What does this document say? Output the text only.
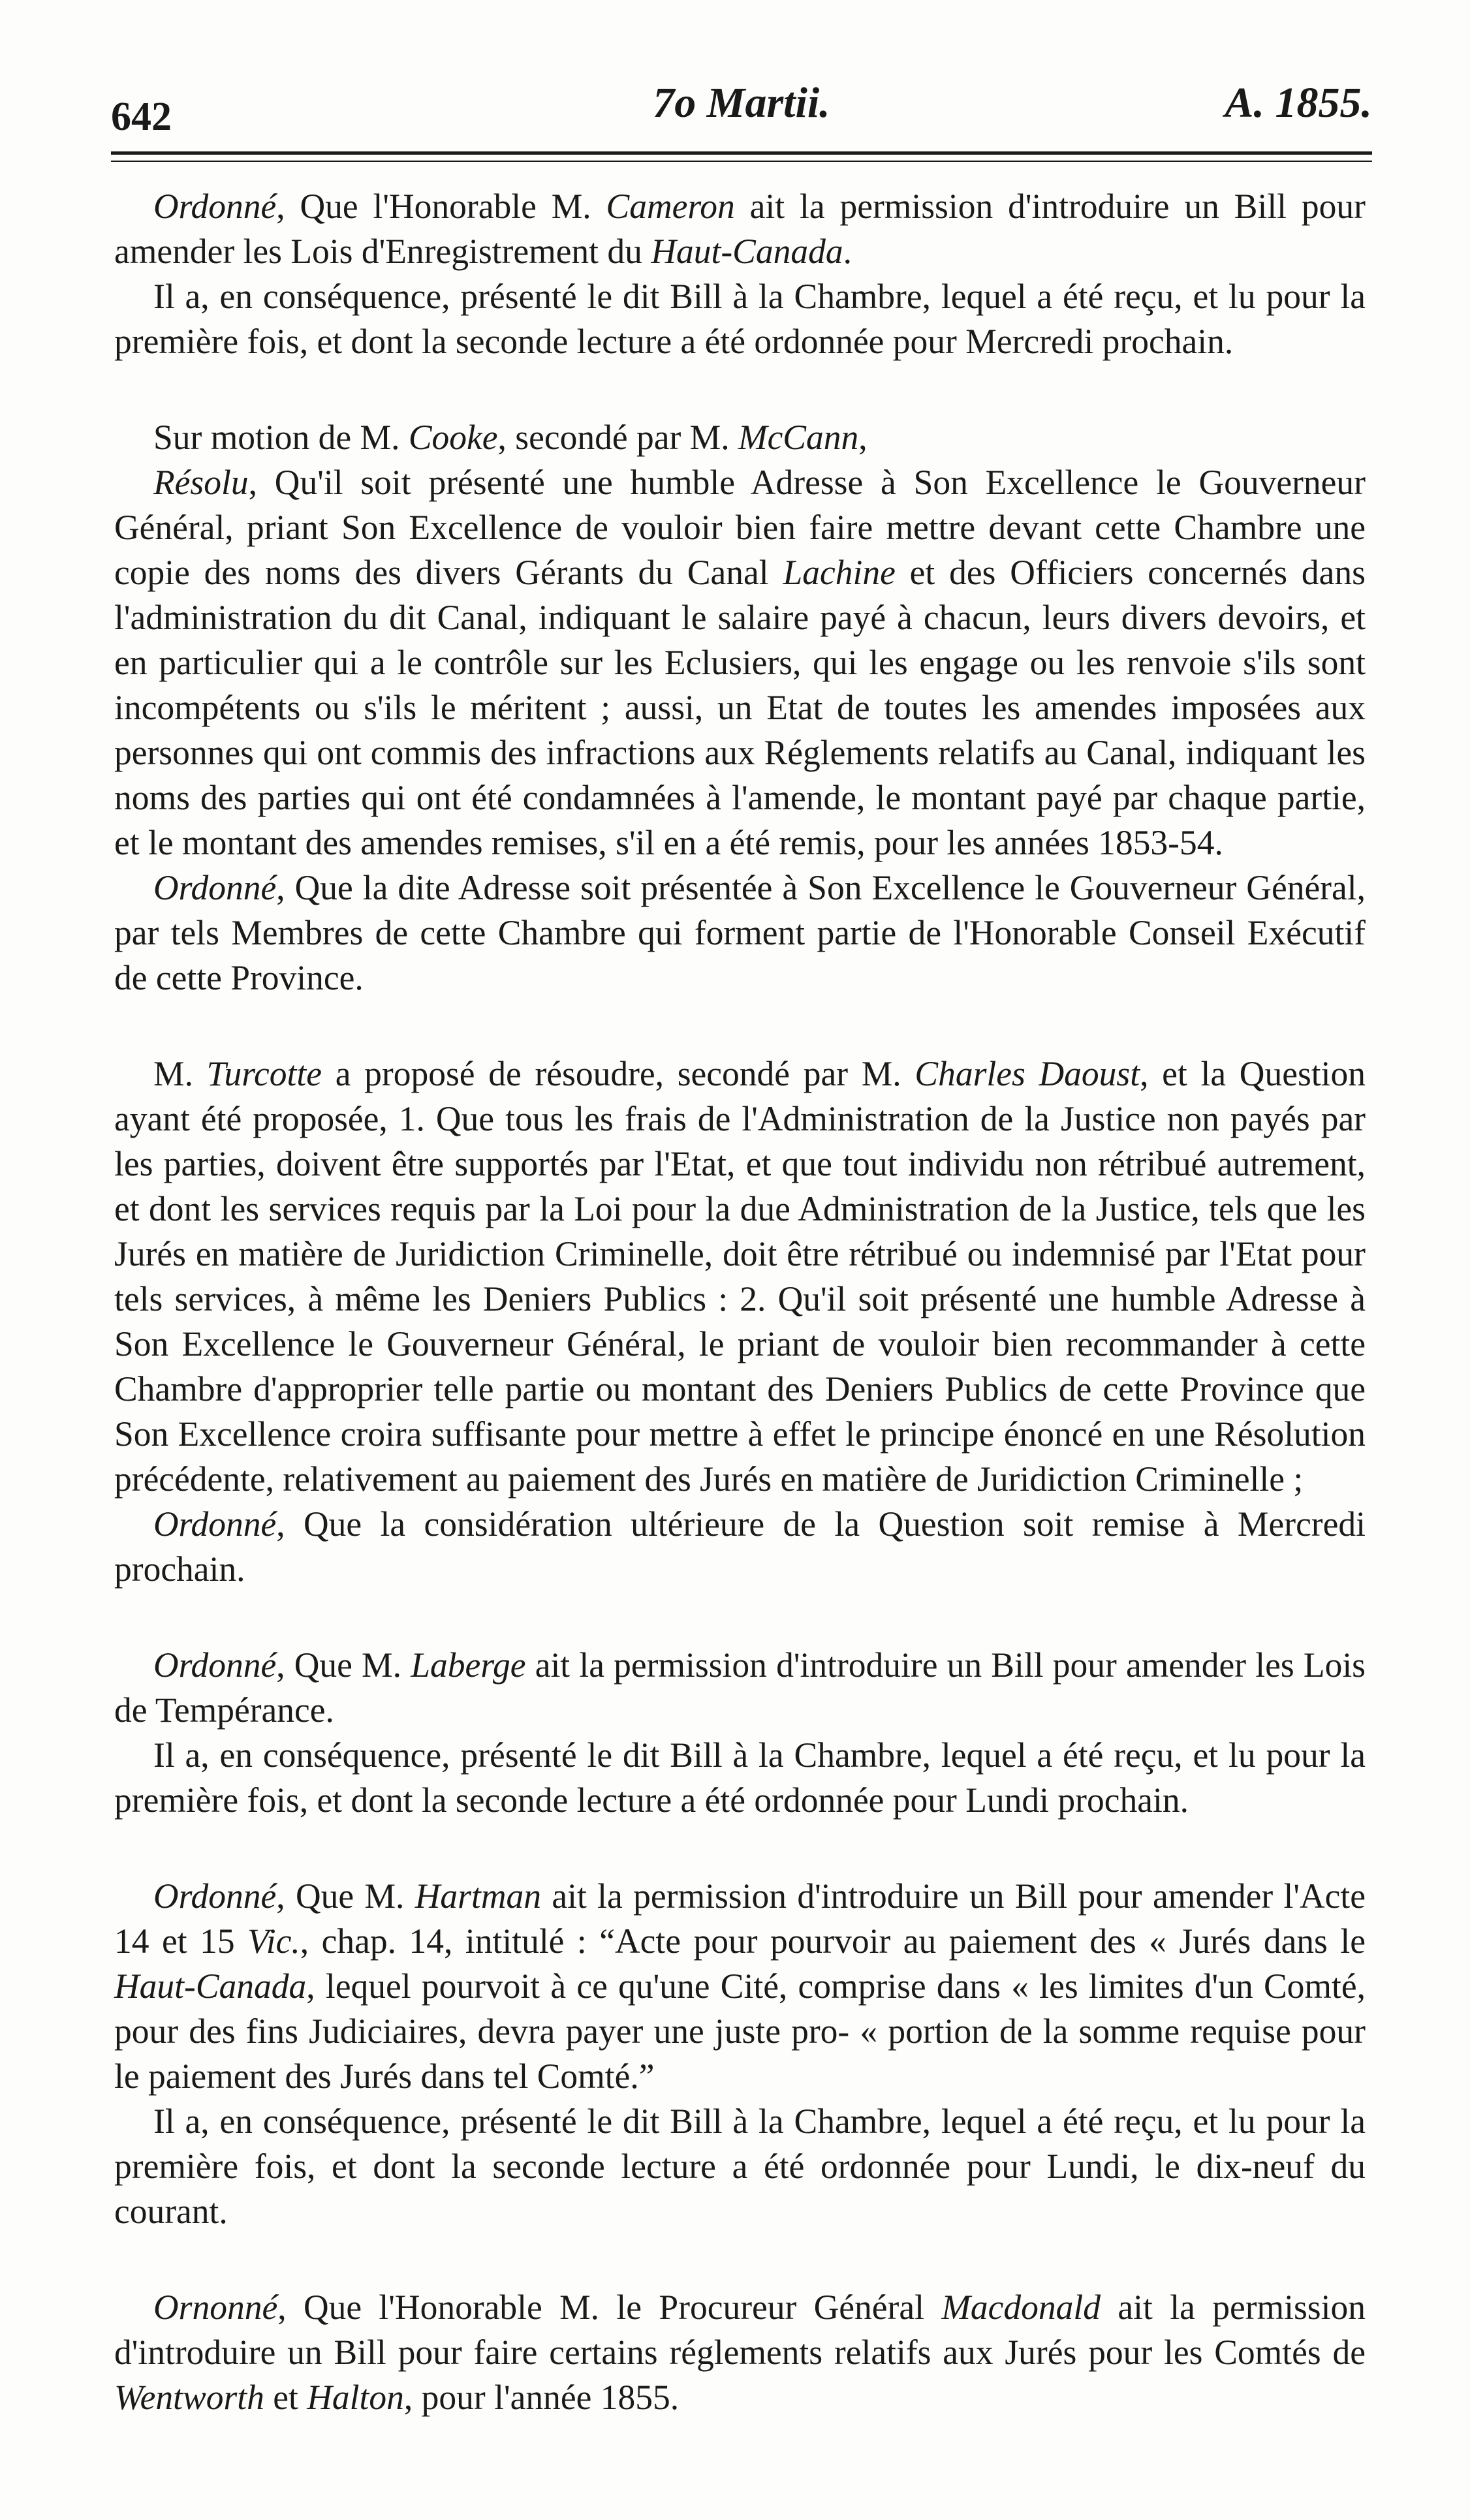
642	7o Martii.	A. 1855.

Ordonné, Que l'Honorable M. Cameron ait la permission d'introduire un Bill pour amender les Lois d'Enregistrement du Haut-Canada.

Il a, en conséquence, présenté le dit Bill à la Chambre, lequel a été reçu, et lu pour la première fois, et dont la seconde lecture a été ordonnée pour Mercredi prochain.

Sur motion de M. Cooke, secondé par M. McCann,

Résolu, Qu'il soit présenté une humble Adresse à Son Excellence le Gouverneur Général, priant Son Excellence de vouloir bien faire mettre devant cette Chambre une copie des noms des divers Gérants du Canal Lachine et des Officiers concernés dans l'administration du dit Canal, indiquant le salaire payé à chacun, leurs divers devoirs, et en particulier qui a le contrôle sur les Eclusiers, qui les engage ou les renvoie s'ils sont incompétents ou s'ils le méritent ; aussi, un Etat de toutes les amendes imposées aux personnes qui ont commis des infractions aux Réglements relatifs au Canal, indiquant les noms des parties qui ont été condamnées à l'amende, le montant payé par chaque partie, et le montant des amendes remises, s'il en a été remis, pour les années 1853-54.

Ordonné, Que la dite Adresse soit présentée à Son Excellence le Gouverneur Général, par tels Membres de cette Chambre qui forment partie de l'Honorable Conseil Exécutif de cette Province.

M. Turcotte a proposé de résoudre, secondé par M. Charles Daoust, et la Question ayant été proposée, 1. Que tous les frais de l'Administration de la Justice non payés par les parties, doivent être supportés par l'Etat, et que tout individu non rétribué autrement, et dont les services requis par la Loi pour la due Administration de la Justice, tels que les Jurés en matière de Juridiction Criminelle, doit être rétribué ou indemnisé par l'Etat pour tels services, à même les Deniers Publics : 2. Qu'il soit présenté une humble Adresse à Son Excellence le Gouverneur Général, le priant de vouloir bien recommander à cette Chambre d'approprier telle partie ou montant des Deniers Publics de cette Province que Son Excellence croira suffisante pour mettre à effet le principe énoncé en une Résolution précédente, relativement au paiement des Jurés en matière de Juridiction Criminelle ;

Ordonné, Que la considération ultérieure de la Question soit remise à Mercredi prochain.

Ordonné, Que M. Laberge ait la permission d'introduire un Bill pour amender les Lois de Tempérance.

Il a, en conséquence, présenté le dit Bill à la Chambre, lequel a été reçu, et lu pour la première fois, et dont la seconde lecture a été ordonnée pour Lundi prochain.

Ordonné, Que M. Hartman ait la permission d'introduire un Bill pour amender l'Acte 14 et 15 Vic., chap. 14, intitulé : “Acte pour pourvoir au paiement des « Jurés dans le Haut-Canada, lequel pourvoit à ce qu'une Cité, comprise dans « les limites d'un Comté, pour des fins Judiciaires, devra payer une juste pro- « portion de la somme requise pour le paiement des Jurés dans tel Comté.”

Il a, en conséquence, présenté le dit Bill à la Chambre, lequel a été reçu, et lu pour la première fois, et dont la seconde lecture a été ordonnée pour Lundi, le dix-neuf du courant.

Ornonné, Que l'Honorable M. le Procureur Général Macdonald ait la permission d'introduire un Bill pour faire certains réglements relatifs aux Jurés pour les Comtés de Wentworth et Halton, pour l'année 1855.
